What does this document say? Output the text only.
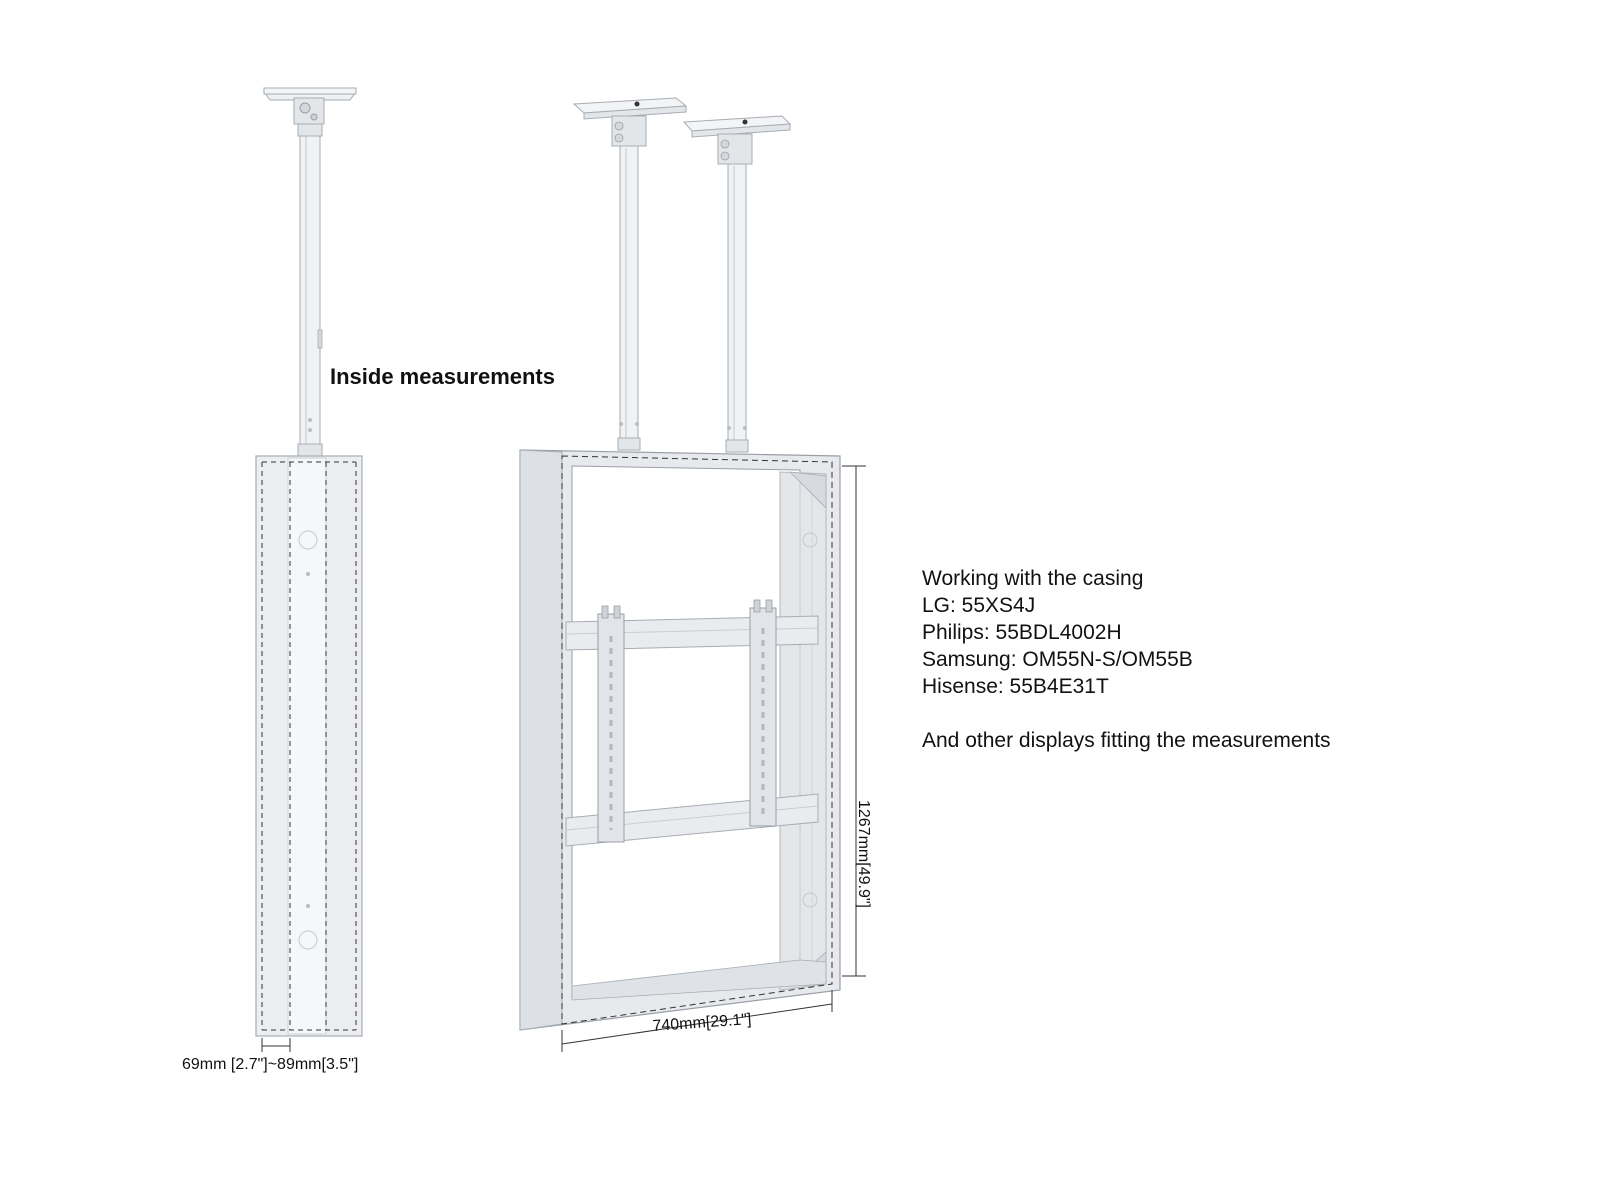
Inside measurements
69mm [2.7"]~89mm[3.5"]
740mm[29.1"]
1267mm[49.9"]
Working with the casing
LG: 55XS4J
Philips: 55BDL4002H
Samsung: OM55N-S/OM55B
Hisense: 55B4E31T
And other displays fitting the measurements
